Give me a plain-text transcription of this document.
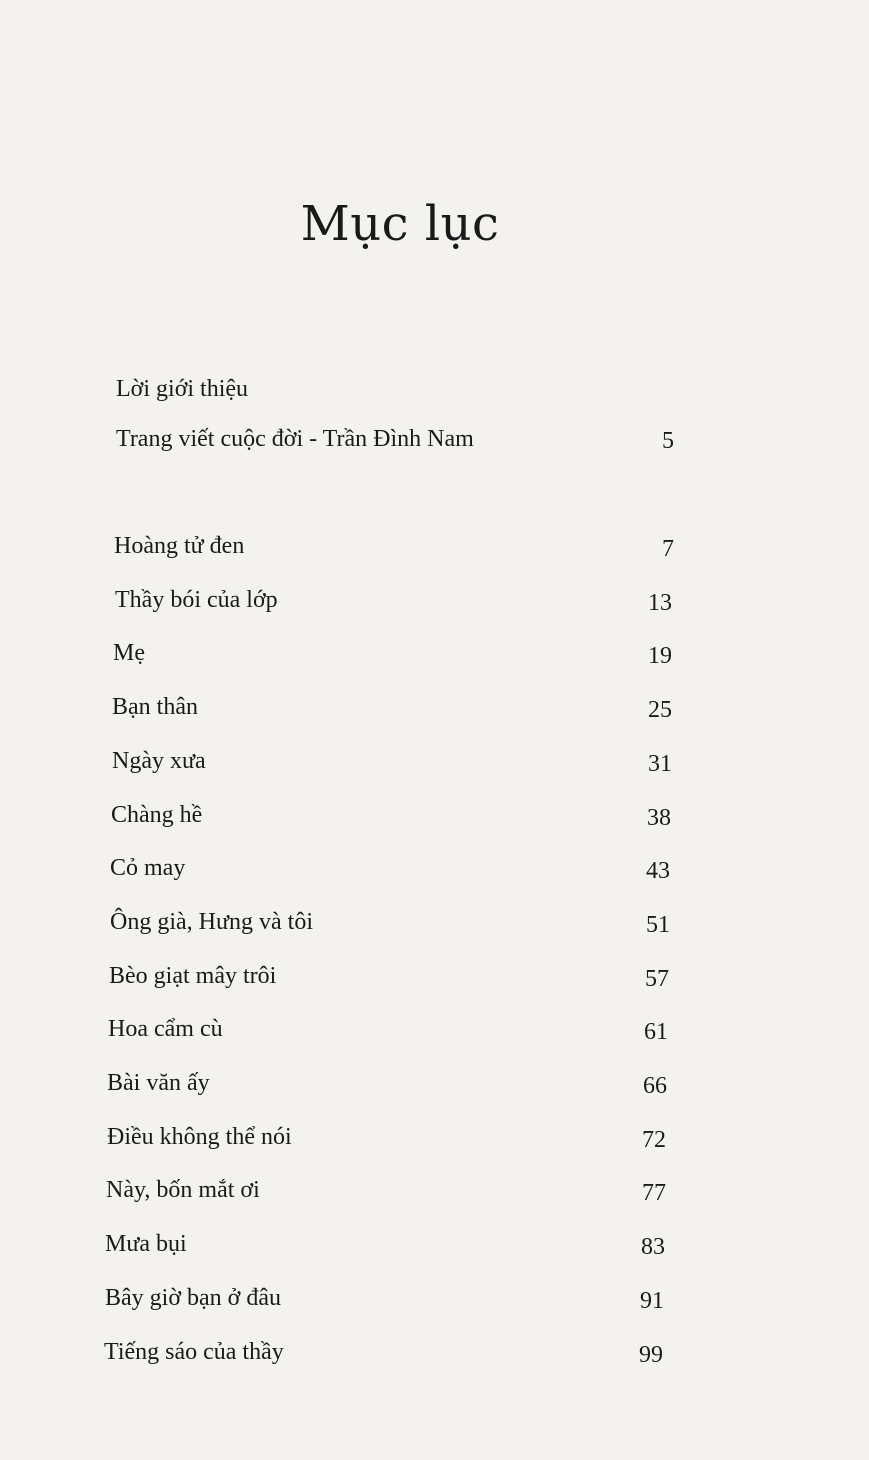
Mục lục
Lời giới thiệu
Trang viết cuộc đời - Trần Đình Nam	5
Hoàng tử đen	7
Thầy bói của lớp	13
Mẹ	19
Bạn thân	25
Ngày xưa	31
Chàng hề	38
Cỏ may	43
Ông già, Hưng và tôi	51
Bèo giạt mây trôi	57
Hoa cẩm cù	61
Bài văn ấy	66
Điều không thể nói	72
Này, bốn mắt ơi	77
Mưa bụi	83
Bây giờ bạn ở đâu	91
Tiếng sáo của thầy	99
